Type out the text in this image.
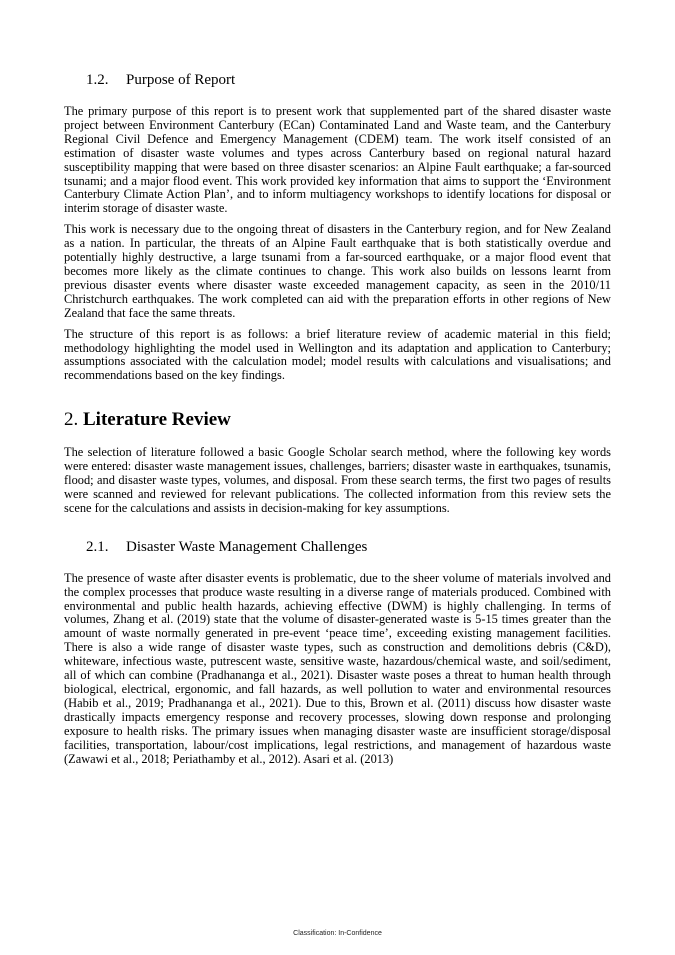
1.2.	Purpose of Report

The primary purpose of this report is to present work that supplemented part of the shared disaster waste project between Environment Canterbury (ECan) Contaminated Land and Waste team, and the Canterbury Regional Civil Defence and Emergency Management (CDEM) team. The work itself consisted of an estimation of disaster waste volumes and types across Canterbury based on regional natural hazard susceptibility mapping that were based on three disaster scenarios: an Alpine Fault earthquake; a far-sourced tsunami; and a major flood event. This work provided key information that aims to support the ‘Environment Canterbury Climate Action Plan’, and to inform multiagency workshops to identify locations for disposal or interim storage of disaster waste.

This work is necessary due to the ongoing threat of disasters in the Canterbury region, and for New Zealand as a nation. In particular, the threats of an Alpine Fault earthquake that is both statistically overdue and potentially highly destructive, a large tsunami from a far-sourced earthquake, or a major flood event that becomes more likely as the climate continues to change. This work also builds on lessons learnt from previous disaster events where disaster waste exceeded management capacity, as seen in the 2010/11 Christchurch earthquakes. The work completed can aid with the preparation efforts in other regions of New Zealand that face the same threats.

The structure of this report is as follows: a brief literature review of academic material in this field; methodology highlighting the model used in Wellington and its adaptation and application to Canterbury; assumptions associated with the calculation model; model results with calculations and visualisations; and recommendations based on the key findings.

2. Literature Review

The selection of literature followed a basic Google Scholar search method, where the following key words were entered: disaster waste management issues, challenges, barriers; disaster waste in earthquakes, tsunamis, flood; and disaster waste types, volumes, and disposal. From these search terms, the first two pages of results were scanned and reviewed for relevant publications. The collected information from this review sets the scene for the calculations and assists in decision-making for key assumptions.

2.1.	Disaster Waste Management Challenges

The presence of waste after disaster events is problematic, due to the sheer volume of materials involved and the complex processes that produce waste resulting in a diverse range of materials produced. Combined with environmental and public health hazards, achieving effective (DWM) is highly challenging. In terms of volumes, Zhang et al. (2019) state that the volume of disaster-generated waste is 5-15 times greater than the amount of waste normally generated in pre-event ‘peace time’, exceeding existing management facilities. There is also a wide range of disaster waste types, such as construction and demolitions debris (C&D), whiteware, infectious waste, putrescent waste, sensitive waste, hazardous/chemical waste, and soil/sediment, all of which can combine (Pradhananga et al., 2021). Disaster waste poses a threat to human health through biological, electrical, ergonomic, and fall hazards, as well pollution to water and environmental resources (Habib et al., 2019; Pradhananga et al., 2021). Due to this, Brown et al. (2011) discuss how disaster waste drastically impacts emergency response and recovery processes, slowing down response and prolonging exposure to health risks. The primary issues when managing disaster waste are insufficient storage/disposal facilities, transportation, labour/cost implications, legal restrictions, and management of hazardous waste (Zawawi et al., 2018; Periathamby et al., 2012). Asari et al. (2013)

Classification: In-Confidence
